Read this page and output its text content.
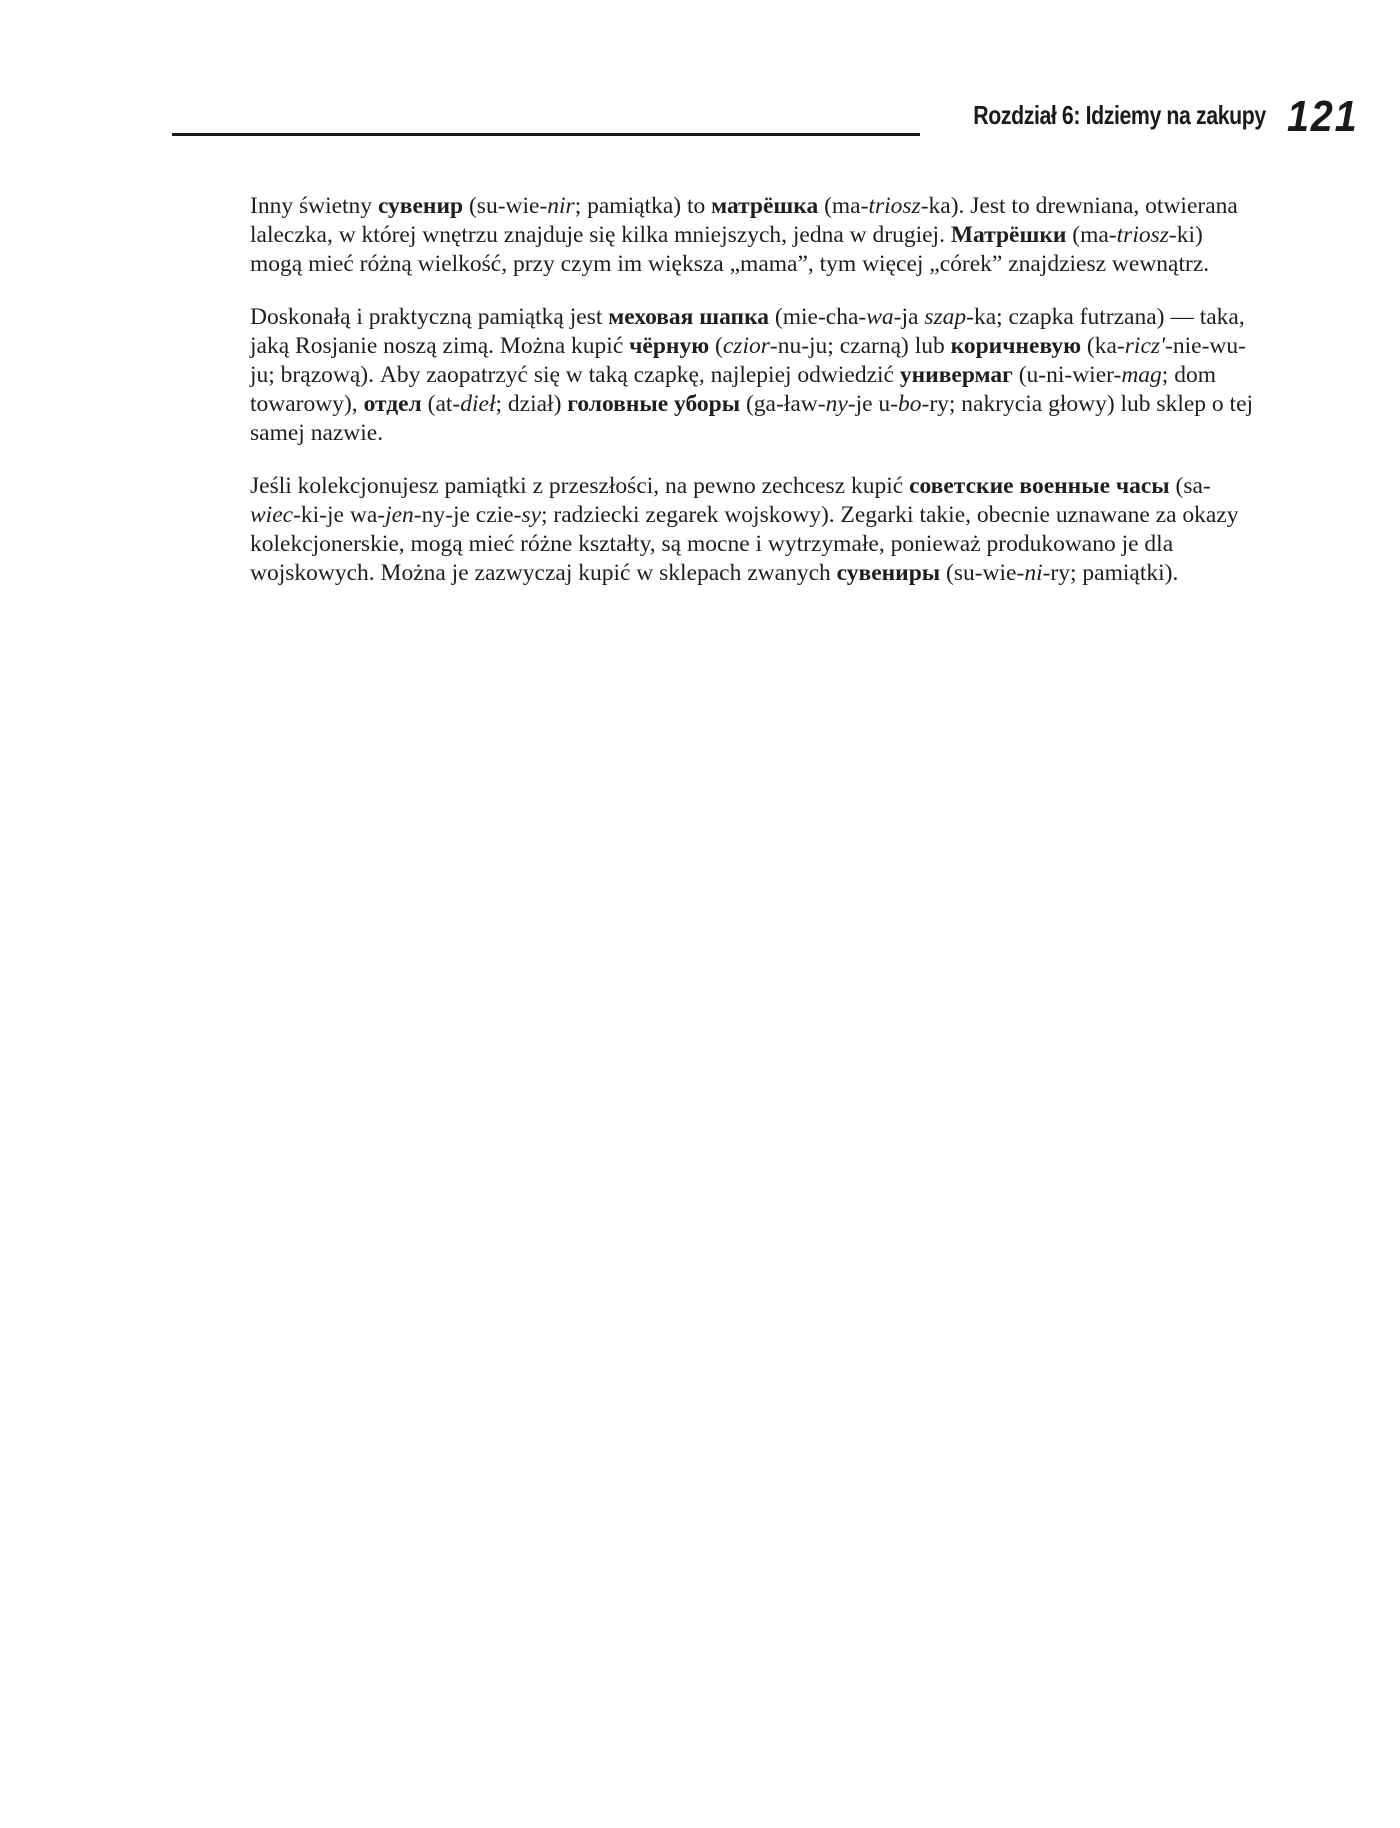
Rozdział 6: Idziemy na zakupy 121

Inny świetny сувенир (su-wie-nir; pamiątka) to матрёшка (ma-triosz-ka). Jest to drewniana, otwierana laleczka, w której wnętrzu znajduje się kilka mniejszych, jedna w drugiej. Матрёшки (ma-triosz-ki) mogą mieć różną wielkość, przy czym im większa „mama”, tym więcej „córek” znajdziesz wewnątrz.

Doskonałą i praktyczną pamiątką jest меховая шапка (mie-cha-wa-ja szap-ka; czapka futrzana) — taka, jaką Rosjanie noszą zimą. Można kupić чёрную (czior-nu-ju; czarną) lub коричневую (ka-ricz'-nie-wu-ju; brązową). Aby zaopatrzyć się w taką czapkę, najlepiej odwiedzić универмаг (u-ni-wier-mag; dom towarowy), отдел (at-dieł; dział) головные уборы (ga-ław-ny-je u-bo-ry; nakrycia głowy) lub sklep o tej samej nazwie.

Jeśli kolekcjonujesz pamiątki z przeszłości, na pewno zechcesz kupić советские военные часы (sa-wiec-ki-je wa-jen-ny-je czie-sy; radziecki zegarek wojskowy). Zegarki takie, obecnie uznawane za okazy kolekcjonerskie, mogą mieć różne kształty, są mocne i wytrzymałe, ponieważ produkowano je dla wojskowych. Można je zazwyczaj kupić w sklepach zwanych сувениры (su-wie-ni-ry; pamiątki).
